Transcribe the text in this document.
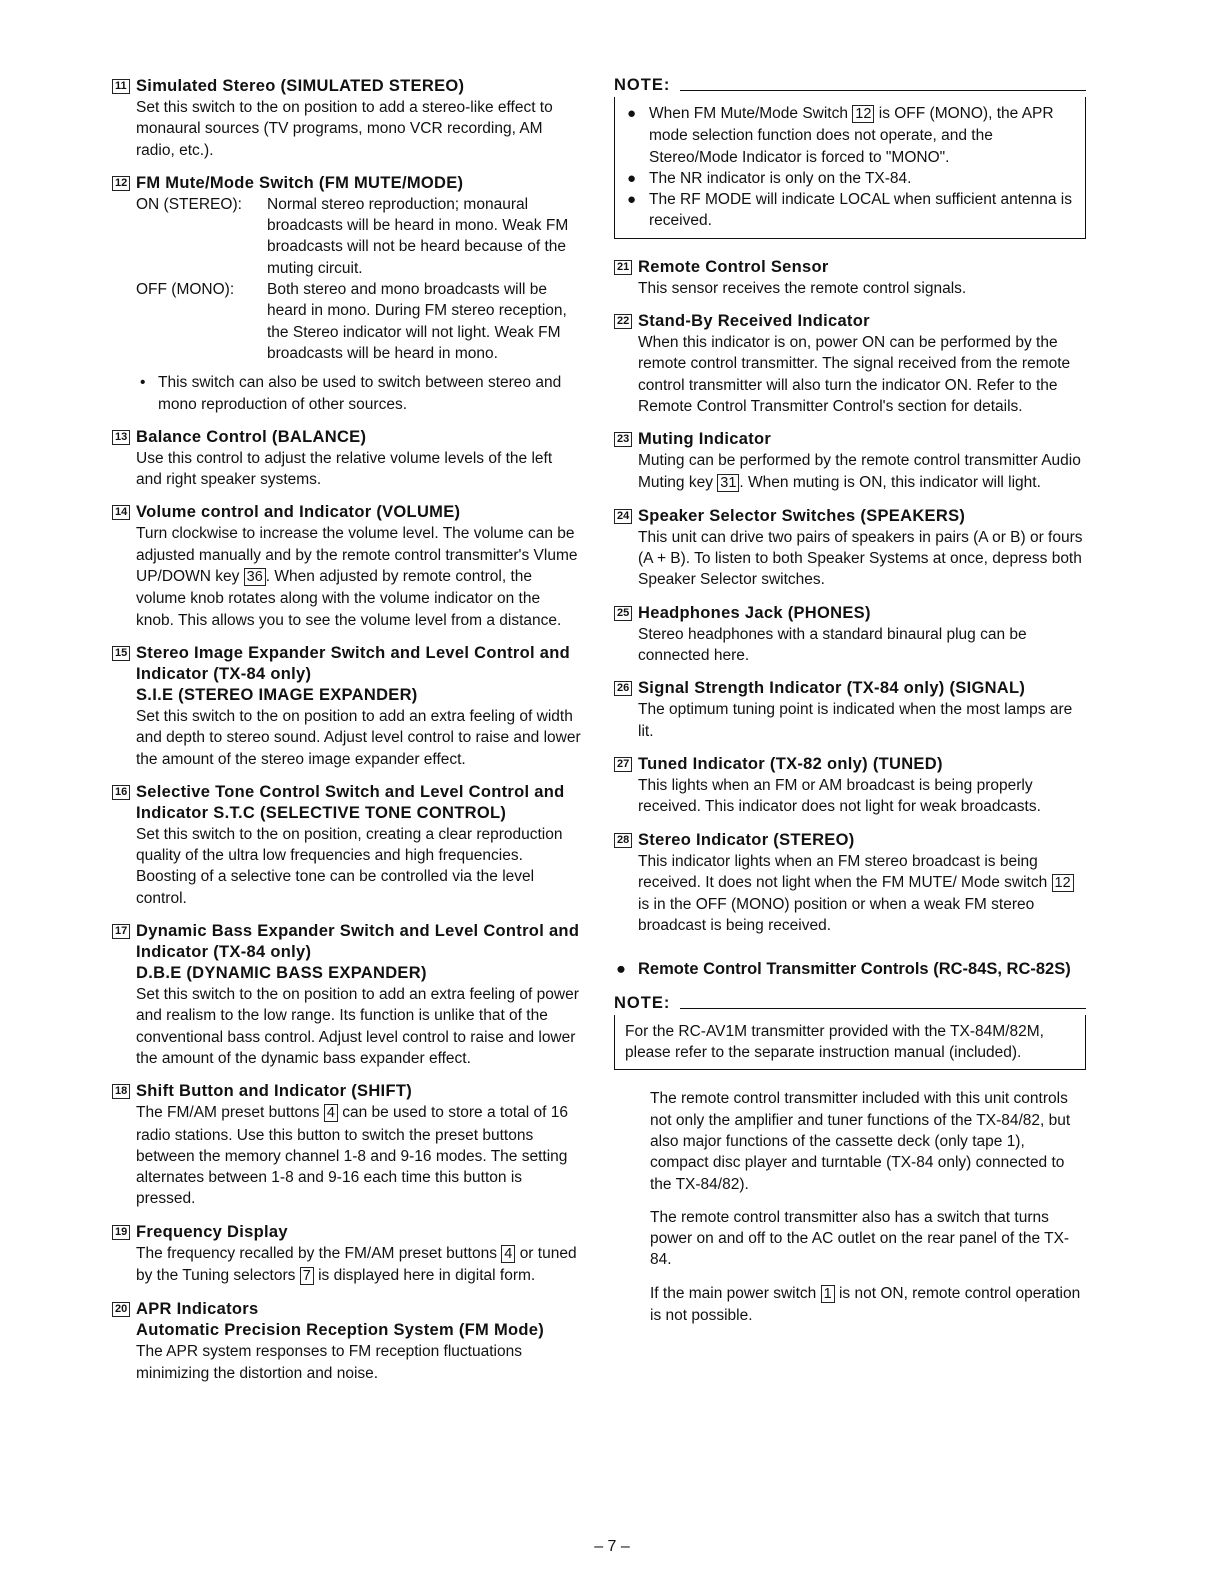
11 Simulated Stereo (SIMULATED STEREO)
Set this switch to the on position to add a stereo-like effect to monaural sources (TV programs, mono VCR recording, AM radio, etc.).
12 FM Mute/Mode Switch (FM MUTE/MODE)
ON (STEREO):	Normal stereo reproduction; monaural broadcasts will be heard in mono. Weak FM broadcasts will not be heard because of the muting circuit.
OFF (MONO):	Both stereo and mono broadcasts will be heard in mono. During FM stereo reception, the Stereo indicator will not light. Weak FM broadcasts will be heard in mono.
• This switch can also be used to switch between stereo and mono reproduction of other sources.
13 Balance Control (BALANCE)
Use this control to adjust the relative volume levels of the left and right speaker systems.
14 Volume control and Indicator (VOLUME)
Turn clockwise to increase the volume level. The volume can be adjusted manually and by the remote control transmitter's Vlume UP/DOWN key 36 . When adjusted by remote control, the volume knob rotates along with the volume indicator on the knob. This allows you to see the volume level from a distance.
15 Stereo Image Expander Switch and Level Control and Indicator (TX-84 only)
S.I.E (STEREO IMAGE EXPANDER)
Set this switch to the on position to add an extra feeling of width and depth to stereo sound. Adjust level control to raise and lower the amount of the stereo image expander effect.
16 Selective Tone Control Switch and Level Control and Indicator S.T.C (SELECTIVE TONE CONTROL)
Set this switch to the on position, creating a clear reproduction quality of the ultra low frequencies and high frequencies. Boosting of a selective tone can be controlled via the level control.
17 Dynamic Bass Expander Switch and Level Control and Indicator (TX-84 only)
D.B.E (DYNAMIC BASS EXPANDER)
Set this switch to the on position to add an extra feeling of power and realism to the low range. Its function is unlike that of the conventional bass control. Adjust level control to raise and lower the amount of the dynamic bass expander effect.
18 Shift Button and Indicator (SHIFT)
The FM/AM preset buttons 4 can be used to store a total of 16 radio stations. Use this button to switch the preset buttons between the memory channel 1-8 and 9-16 modes. The setting alternates between 1-8 and 9-16 each time this button is pressed.
19 Frequency Display
The frequency recalled by the FM/AM preset buttons 4 or tuned by the Tuning selectors 7 is displayed here in digital form.
20 APR Indicators
Automatic Precision Reception System (FM Mode)
The APR system responses to FM reception fluctuations minimizing the distortion and noise.
NOTE:
● When FM Mute/Mode Switch 12 is OFF (MONO), the APR mode selection function does not operate, and the Stereo/Mode Indicator is forced to "MONO".
● The NR indicator is only on the TX-84.
● The RF MODE will indicate LOCAL when sufficient antenna is received.
21 Remote Control Sensor
This sensor receives the remote control signals.
22 Stand-By Received Indicator
When this indicator is on, power ON can be performed by the remote control transmitter. The signal received from the remote control transmitter will also turn the indicator ON. Refer to the Remote Control Transmitter Control's section for details.
23 Muting Indicator
Muting can be performed by the remote control transmitter Audio Muting key 31 . When muting is ON, this indicator will light.
24 Speaker Selector Switches (SPEAKERS)
This unit can drive two pairs of speakers in pairs (A or B) or fours (A + B). To listen to both Speaker Systems at once, depress both Speaker Selector switches.
25 Headphones Jack (PHONES)
Stereo headphones with a standard binaural plug can be connected here.
26 Signal Strength Indicator (TX-84 only) (SIGNAL)
The optimum tuning point is indicated when the most lamps are lit.
27 Tuned Indicator (TX-82 only) (TUNED)
This lights when an FM or AM broadcast is being properly received. This indicator does not light for weak broadcasts.
28 Stereo Indicator (STEREO)
This indicator lights when an FM stereo broadcast is being received. It does not light when the FM MUTE/ Mode switch 12 is in the OFF (MONO) position or when a weak FM stereo broadcast is being received.
● Remote Control Transmitter Controls (RC-84S, RC-82S)
NOTE:
For the RC-AV1M transmitter provided with the TX-84M/82M, please refer to the separate instruction manual (included).
The remote control transmitter included with this unit controls not only the amplifier and tuner functions of the TX-84/82, but also major functions of the cassette deck (only tape 1), compact disc player and turntable (TX-84 only) connected to the TX-84/82).
The remote control transmitter also has a switch that turns power on and off to the AC outlet on the rear panel of the TX-84.
If the main power switch 1 is not ON, remote control operation is not possible.
– 7 –
